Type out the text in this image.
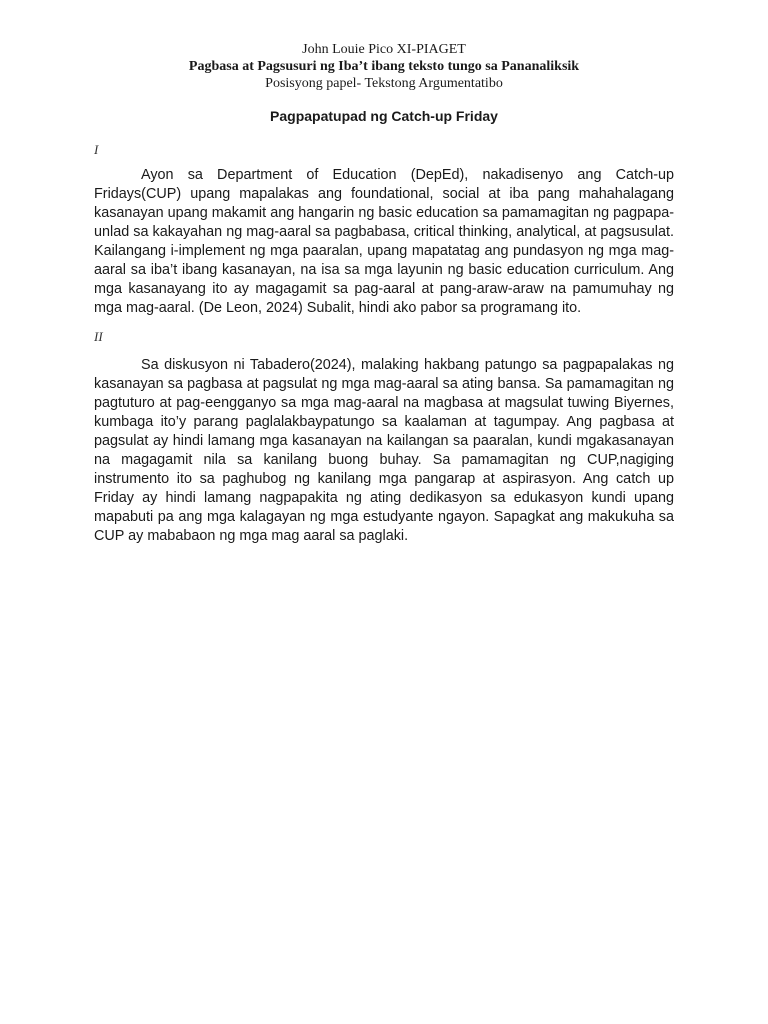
John Louie Pico XI-PIAGET
Pagbasa at Pagsusuri ng Iba’t ibang teksto tungo sa Pananaliksik
Posisyong papel- Tekstong Argumentatibo
Pagpapatupad ng Catch-up Friday
I

Ayon sa Department of Education (DepEd), nakadisenyo ang Catch-up Fridays(CUP) upang mapalakas ang foundational, social at iba pang mahahalagang kasanayan upang makamit ang hangarin ng basic education sa pamamagitan ng pagpapa-unlad sa kakayahan ng mag-aaral sa pagbabasa, critical thinking, analytical, at pagsusulat. Kailangang i-implement ng mga paaralan, upang mapatatag ang pundasyon ng mga mag-aaral sa iba’t ibang kasanayan, na isa sa mga layunin ng basic education curriculum. Ang mga kasanayang ito ay magagamit sa pag-aaral at pang-araw-araw na pamumuhay ng mga mag-aaral. (De Leon, 2024) Subalit, hindi ako pabor sa programang ito.

II

Sa diskusyon ni Tabadero(2024), malaking hakbang patungo sa pagpapalakas ng kasanayan sa pagbasa at pagsulat ng mga mag-aaral sa ating bansa. Sa pamamagitan ng pagtuturo at pag-eengganyo sa mga mag-aaral na magbasa at magsulat tuwing Biyernes, kumbaga ito’y parang paglalakbaypatungo sa kaalaman at tagumpay. Ang pagbasa at pagsulat ay hindi lamang mga kasanayan na kailangan sa paaralan, kundi mgakasanayan na magagamit nila sa kanilang buong buhay. Sa pamamagitan ng CUP,nagiging instrumento ito sa paghubog ng kanilang mga pangarap at aspirasyon. Ang catch up Friday ay hindi lamang nagpapakita ng ating dedikasyon sa edukasyon kundi upang mapabuti pa ang mga kalagayan ng mga estudyante ngayon. Sapagkat ang makukuha sa CUP ay mababaon ng mga mag aaral sa paglaki.
